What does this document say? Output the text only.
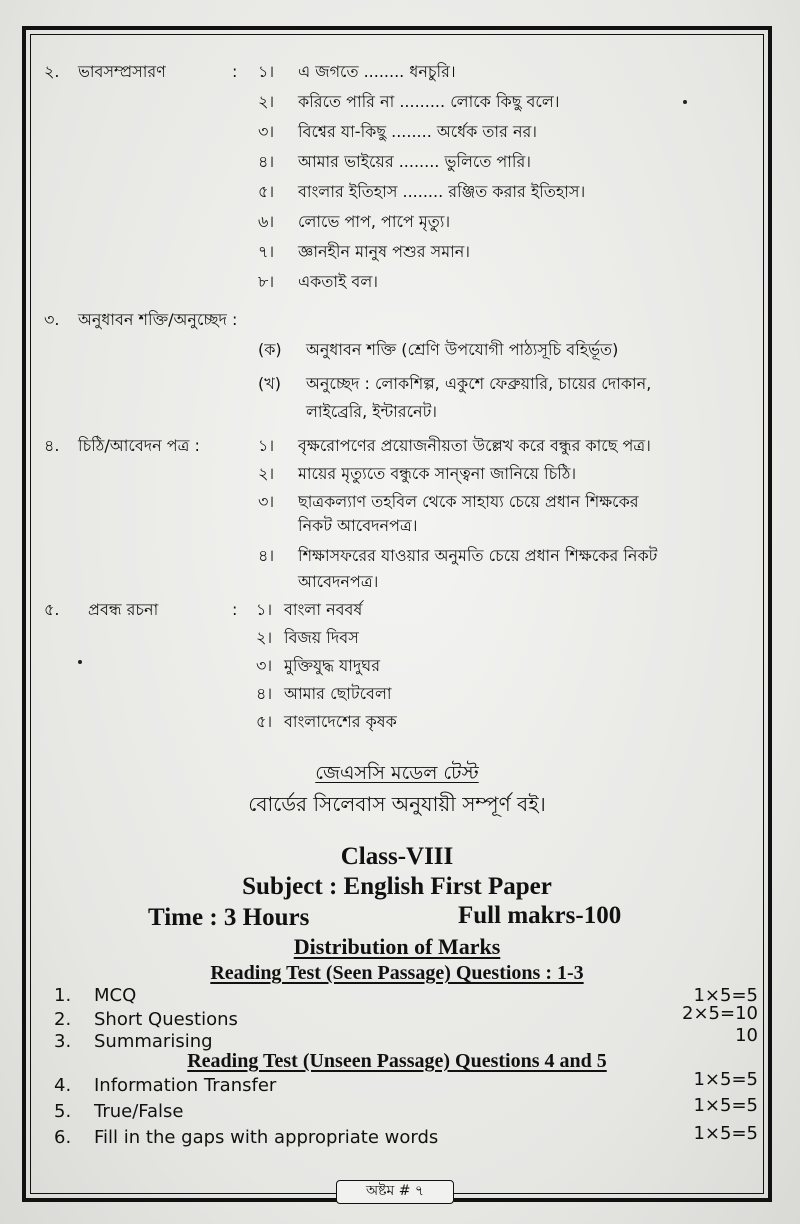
২. ভাবসম্প্রসারণ	: ১। এ জগতে ........ ধনচুরি।
২। করিতে পারি না ......... লোকে কিছু বলে।
৩। বিশ্বের যা-কিছু ........ অর্ধেক তার নর।
৪। আমার ভাইয়ের ........ ভুলিতে পারি।
৫। বাংলার ইতিহাস ........ রঞ্জিত করার ইতিহাস।
৬। লোভে পাপ, পাপে মৃত্যু।
৭। জ্ঞানহীন মানুষ পশুর সমান।
৮। একতাই বল।
৩. অনুধাবন শক্তি/অনুচ্ছেদ :
(ক) অনুধাবন শক্তি (শ্রেণি উপযোগী পাঠ্যসূচি বহির্ভূত)
(খ) অনুচ্ছেদ : লোকশিল্প, একুশে ফেব্রুয়ারি, চায়ের দোকান,
লাইব্রেরি, ইন্টারনেট।
৪. চিঠি/আবেদন পত্র :	১। বৃক্ষরোপণের প্রয়োজনীয়তা উল্লেখ করে বন্ধুর কাছে পত্র।
২। মায়ের মৃত্যুতে বন্ধুকে সান্ত্বনা জানিয়ে চিঠি।
৩। ছাত্রকল্যাণ তহবিল থেকে সাহায্য চেয়ে প্রধান শিক্ষকের
নিকট আবেদনপত্র।
৪। শিক্ষাসফরের যাওয়ার অনুমতি চেয়ে প্রধান শিক্ষকের নিকট
আবেদনপত্র।
৫. প্রবন্ধ রচনা	: ১। বাংলা নববর্ষ
২। বিজয় দিবস
৩। মুক্তিযুদ্ধ যাদুঘর
৪। আমার ছোটবেলা
৫। বাংলাদেশের কৃষক
জেএসসি মডেল টেস্ট
বোর্ডের সিলেবাস অনুযায়ী সম্পূর্ণ বই।
Class-VIII
Subject : English First Paper
Time : 3 Hours	Full makrs-100
Distribution of Marks
Reading Test (Seen Passage) Questions : 1-3
1. MCQ	1×5=5
2. Short Questions	2×5=10
3. Summarising	10
Reading Test (Unseen Passage) Questions 4 and 5
4. Information Transfer	1×5=5
5. True/False	1×5=5
6. Fill in the gaps with appropriate words	1×5=5
অষ্টম # ৭
